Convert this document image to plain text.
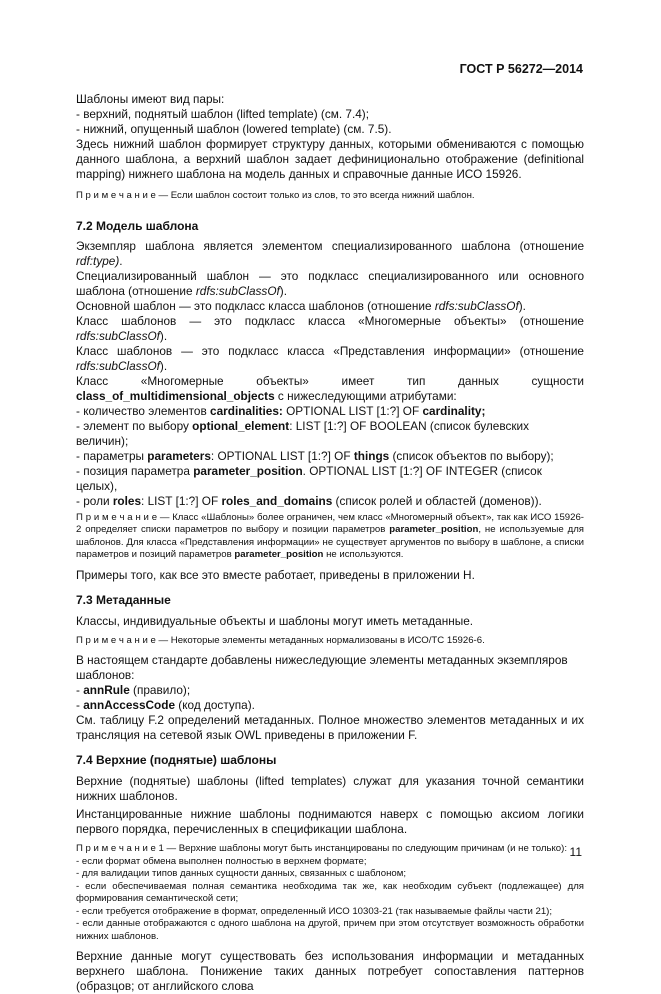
ГОСТ Р 56272—2014

Шаблоны имеют вид пары:

- верхний, поднятый шаблон (lifted template) (см. 7.4);

- нижний, опущенный шаблон (lowered template) (см. 7.5).

Здесь нижний шаблон формирует структуру данных, которыми обмениваются с помощью данного шаблона, а верхний шаблон задает дефиниционально отображение (definitional mapping) нижнего шаблона на модель данных и справочные данные ИСО 15926.

П р и м е ч а н и е — Если шаблон состоит только из слов, то это всегда нижний шаблон.

7.2 Модель шаблона

Экземпляр шаблона является элементом специализированного шаблона (отношение rdf:type).

Специализированный шаблон — это подкласс специализированного или основного шаблона (отношение rdfs:subClassOf).

Основной шаблон — это подкласс класса шаблонов (отношение rdfs:subClassOf).

Класс шаблонов — это подкласс класса «Многомерные объекты» (отношение rdfs:subClassOf).

Класс шаблонов — это подкласс класса «Представления информации» (отношение rdfs:subClassOf).

Класс «Многомерные объекты» имеет тип данных сущности class_of_multidimensional_objects с нижеследующими атрибутами:

- количество элементов cardinalities: OPTIONAL LIST [1:?] OF cardinality;

- элемент по выбору optional_element: LIST [1:?] OF BOOLEAN (список булевских величин);

- параметры parameters: OPTIONAL LIST [1:?] OF things (список объектов по выбору);

- позиция параметра parameter_position. OPTIONAL LIST [1:?] OF INTEGER (список целых),

- роли roles: LIST [1:?] OF roles_and_domains (список ролей и областей (доменов)).

П р и м е ч а н и е — Класс «Шаблоны» более ограничен, чем класс «Многомерный объект», так как ИСО 15926-2 определяет списки параметров по выбору и позиции параметров parameter_position, не используемые для шаблонов. Для класса «Представления информации» не существует аргументов по выбору в шаблоне, а списки параметров и позиций параметров parameter_position не используются.

Примеры того, как все это вместе работает, приведены в приложении H.

7.3 Метаданные

Классы, индивидуальные объекты и шаблоны могут иметь метаданные.

П р и м е ч а н и е — Некоторые элементы метаданных нормализованы в ИСО/ТС 15926-6.

В настоящем стандарте добавлены нижеследующие элементы метаданных экземпляров шаблонов:

- annRule (правило);

- annAccessCode (код доступа).

См. таблицу F.2 определений метаданных. Полное множество элементов метаданных и их трансляция на сетевой язык OWL приведены в приложении F.

7.4 Верхние (поднятые) шаблоны

Верхние (поднятые) шаблоны (lifted templates) служат для указания точной семантики нижних шаблонов.

Инстанцированные нижние шаблоны поднимаются наверх с помощью аксиом логики первого порядка, перечисленных в спецификации шаблона.

П р и м е ч а н и е 1 — Верхние шаблоны могут быть инстанцированы по следующим причинам (и не только):

- если формат обмена выполнен полностью в верхнем формате;

- для валидации типов данных сущности данных, связанных с шаблоном;

- если обеспечиваемая полная семантика необходима так же, как необходим субъект (подлежащее) для формирования семантической сети;

- если требуется отображение в формат, определенный ИСО 10303-21 (так называемые файлы части 21);

- если данные отображаются с одного шаблона на другой, причем при этом отсутствует возможность обработки нижних шаблонов.

Верхние данные могут существовать без использования информации и метаданных верхнего шаблона. Понижение таких данных потребует сопоставления паттернов (образцов; от английского слова

11
